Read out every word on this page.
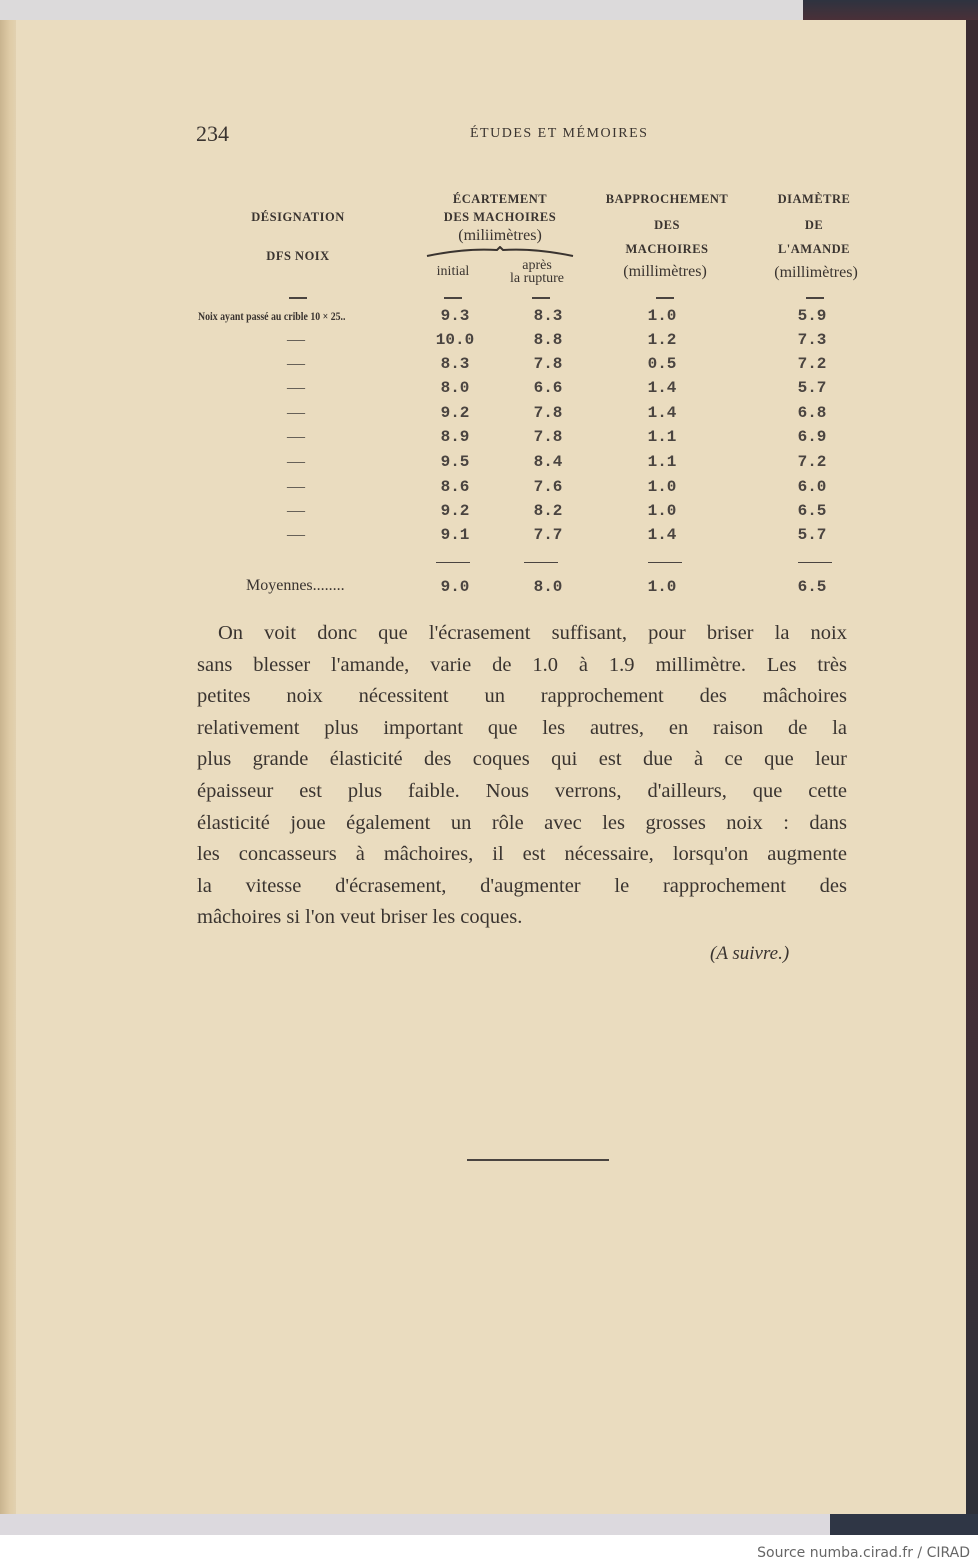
234	ÉTUDES ET MÉMOIRES
DÉSIGNATION
DFS NOIX
ÉCARTEMENT
DES MACHOIRES
(miliimètres)
initial	après
la rupture
BAPPROCHEMENT
DES
MACHOIRES
(millimètres)
DIAMÈTRE
DE
L'AMANDE
(millimètres)
Noix ayant passé au crible 10 × 25..	9.3	8.3	1.0	5.9
—	10.0	8.8	1.2	7.3
—	8.3	7.8	0.5	7.2
—	8.0	6.6	1.4	5.7
—	9.2	7.8	1.4	6.8
—	8.9	7.8	1.1	6.9
—	9.5	8.4	1.1	7.2
—	8.6	7.6	1.0	6.0
—	9.2	8.2	1.0	6.5
—	9.1	7.7	1.4	5.7
Moyennes........	9.0	8.0	1.0	6.5
On voit donc que l'écrasement suffisant, pour briser la noix
sans blesser l'amande, varie de 1.0 à 1.9 millimètre. Les très
petites noix nécessitent un rapprochement des mâchoires
relativement plus important que les autres, en raison de la
plus grande élasticité des coques qui est due à ce que leur
épaisseur est plus faible. Nous verrons, d'ailleurs, que cette
élasticité joue également un rôle avec les grosses noix : dans
les concasseurs à mâchoires, il est nécessaire, lorsqu'on augmente
la vitesse d'écrasement, d'augmenter le rapprochement des
mâchoires si l'on veut briser les coques.
(A suivre.)
Source numba.cirad.fr / CIRAD
